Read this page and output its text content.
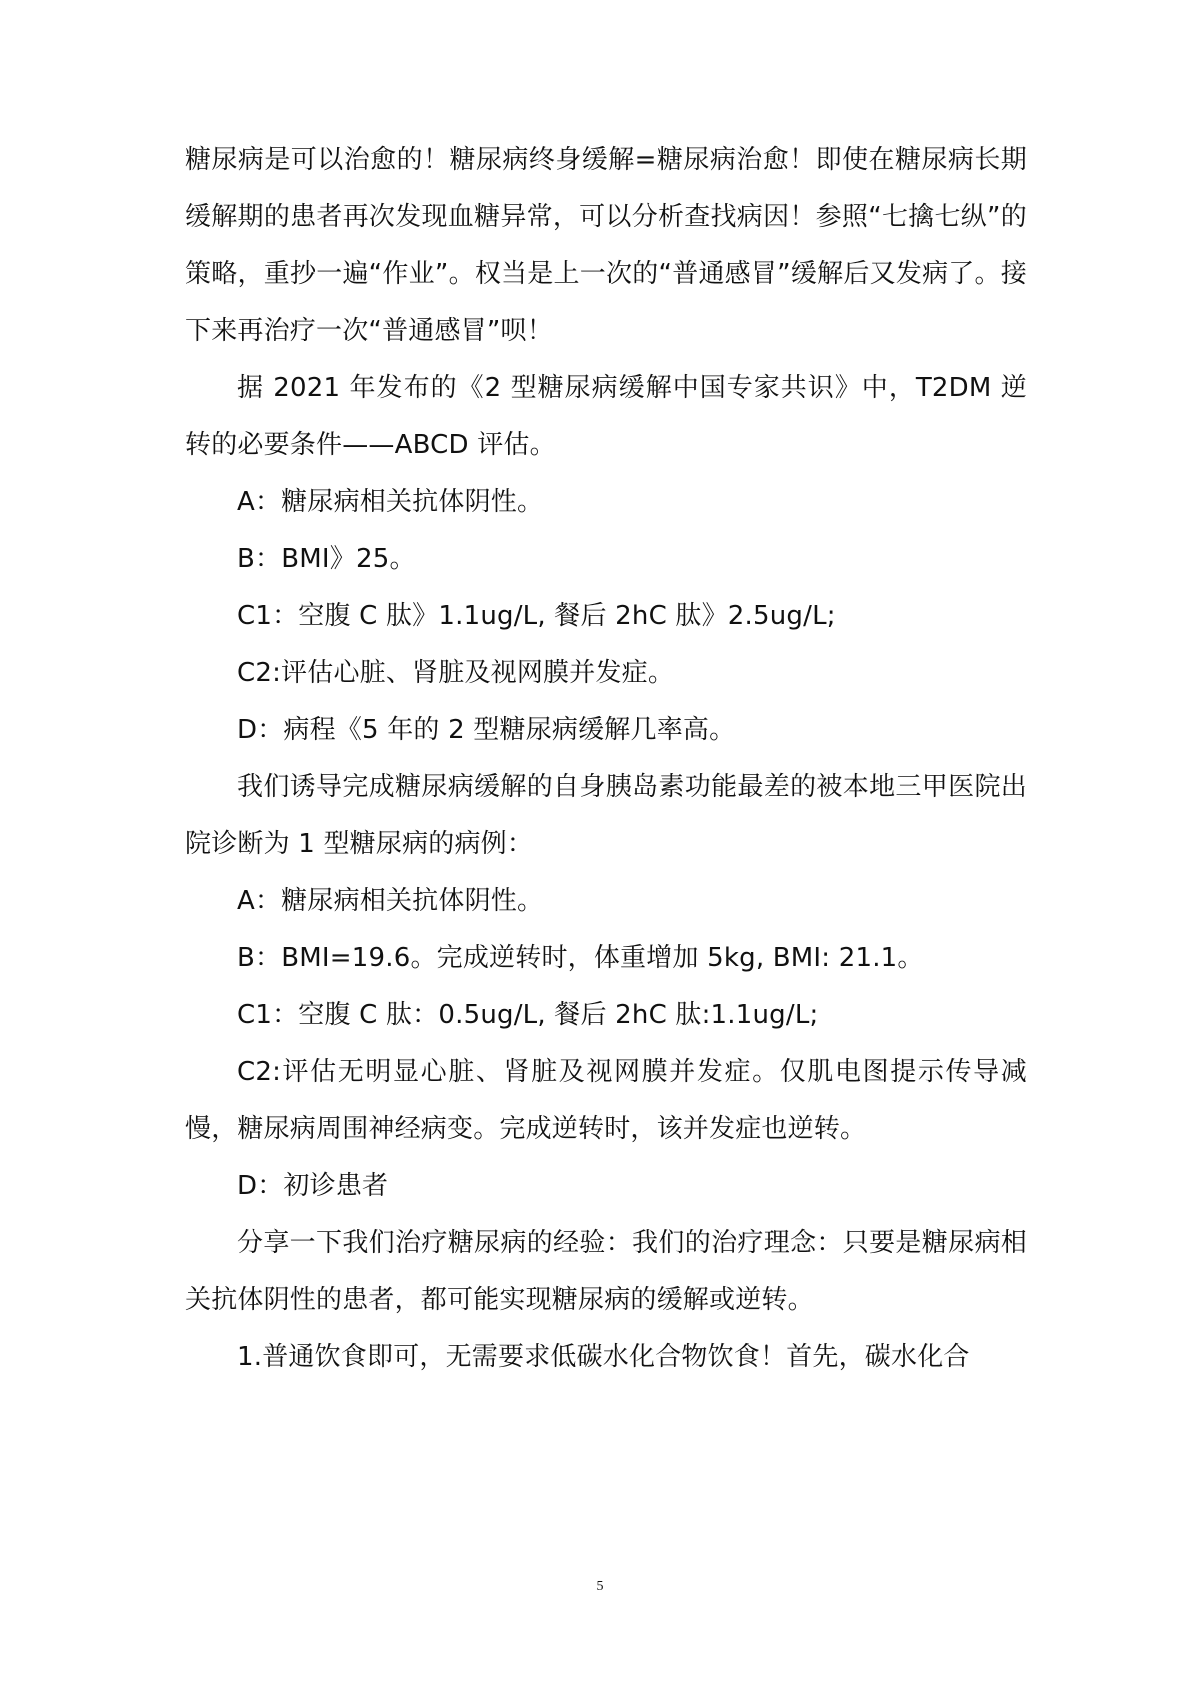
糖尿病是可以治愈的！糖尿病终身缓解=糖尿病治愈！即使在糖尿病长期缓解期的患者再次发现血糖异常，可以分析查找病因！参照“七擒七纵”的策略，重抄一遍“作业”。权当是上一次的“普通感冒”缓解后又发病了。接下来再治疗一次“普通感冒”呗！

据 2021 年发布的《2 型糖尿病缓解中国专家共识》中，T2DM 逆转的必要条件——ABCD 评估。

A：糖尿病相关抗体阴性。

B：BMI》25。

C1：空腹 C 肽》1.1ug/L, 餐后 2hC 肽》2.5ug/L;

C2:评估心脏、肾脏及视网膜并发症。

D：病程《5 年的 2 型糖尿病缓解几率高。

我们诱导完成糖尿病缓解的自身胰岛素功能最差的被本地三甲医院出院诊断为 1 型糖尿病的病例：

A：糖尿病相关抗体阴性。

B：BMI=19.6。完成逆转时，体重增加 5kg, BMI: 21.1。

C1：空腹 C 肽：0.5ug/L, 餐后 2hC 肽:1.1ug/L;

C2:评估无明显心脏、肾脏及视网膜并发症。仅肌电图提示传导减慢，糖尿病周围神经病变。完成逆转时，该并发症也逆转。

D：初诊患者

分享一下我们治疗糖尿病的经验：我们的治疗理念：只要是糖尿病相关抗体阴性的患者，都可能实现糖尿病的缓解或逆转。

1.普通饮食即可，无需要求低碳水化合物饮食！首先，碳水化合

5
